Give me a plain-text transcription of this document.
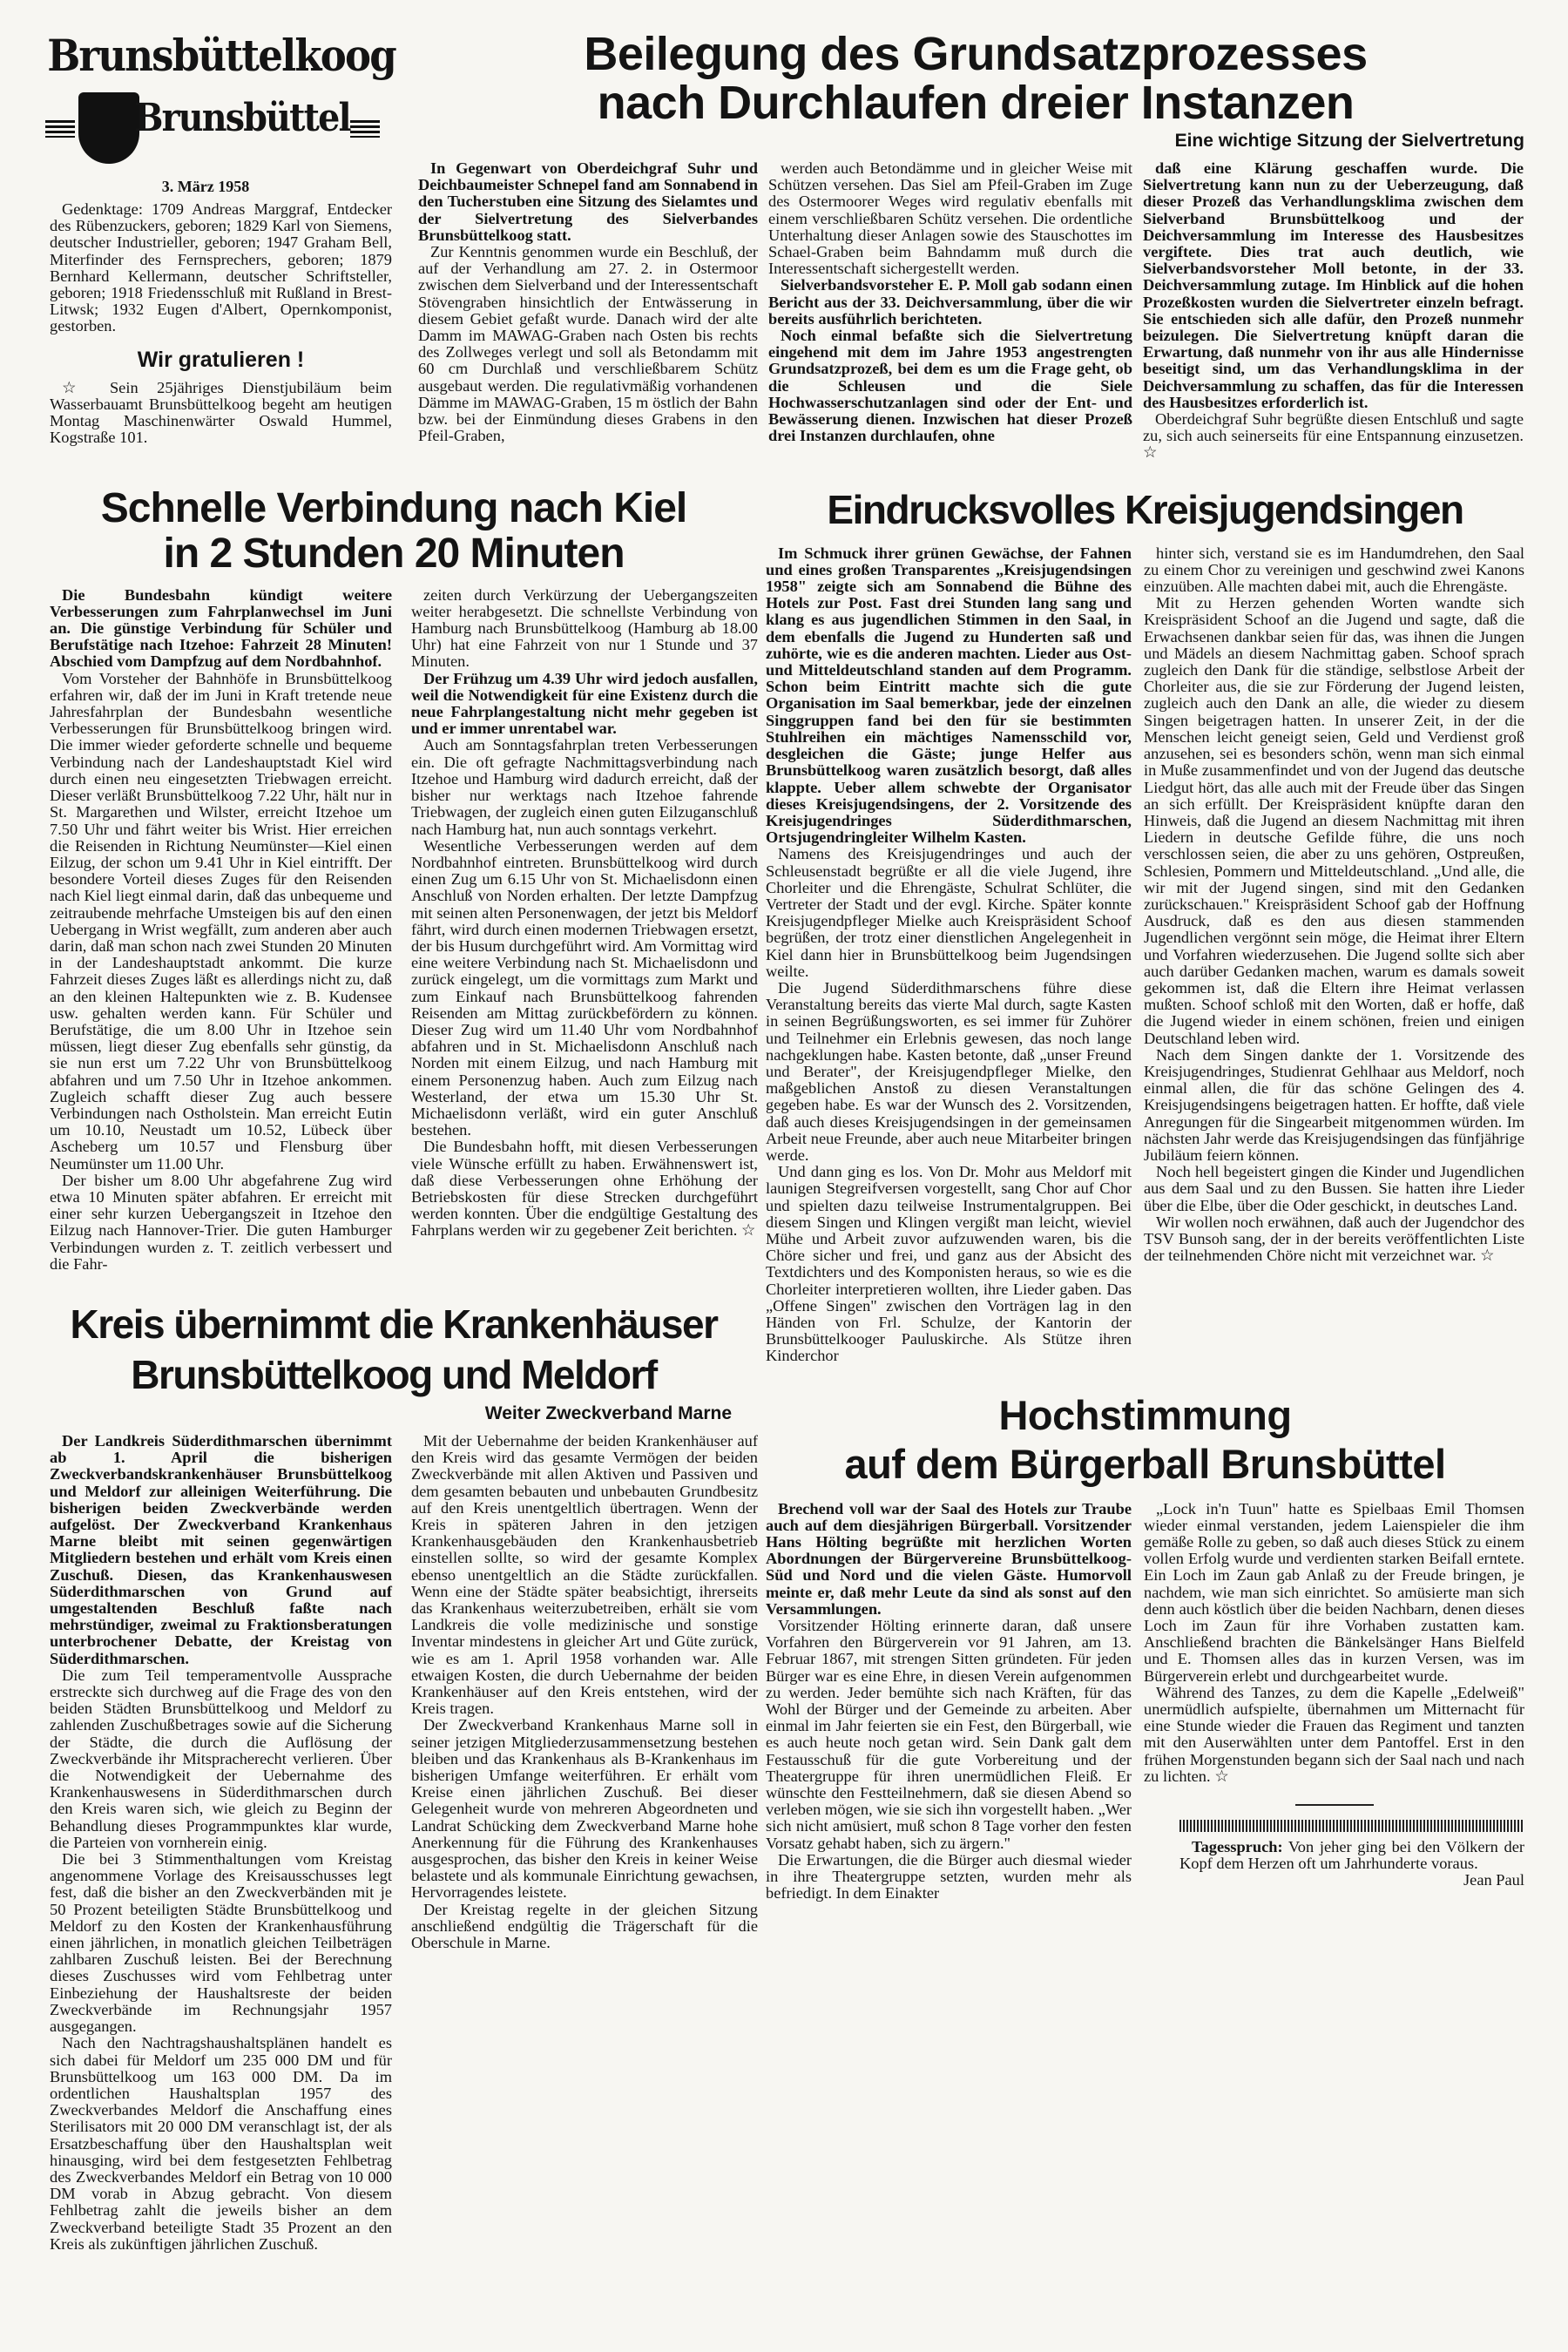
Brunsbüttelkoog
Brunsbüttel
3. März 1958

Gedenktage: 1709 Andreas Marggraf, Entdecker des Rübenzuckers, geboren; 1829 Karl von Siemens, deutscher Industrieller, geboren; 1947 Graham Bell, Miterfinder des Fernsprechers, geboren; 1879 Bernhard Kellermann, deutscher Schriftsteller, geboren; 1918 Friedensschluß mit Rußland in Brest-Litwsk; 1932 Eugen d'Albert, Opernkomponist, gestorben.

Wir gratulieren !

☆ Sein 25jähriges Dienstjubiläum beim Wasserbauamt Brunsbüttelkoog begeht am heutigen Montag Maschinenwärter Oswald Hummel, Kogstraße 101.

Beilegung des Grundsatzprozesses
nach Durchlaufen dreier Instanzen
Eine wichtige Sitzung der Sielvertretung

In Gegenwart von Oberdeichgraf Suhr und Deichbaumeister Schnepel fand am Sonnabend in den Tucherstuben eine Sitzung des Sielamtes und der Sielvertretung des Sielverbandes Brunsbüttelkoog statt.

Zur Kenntnis genommen wurde ein Beschluß, der auf der Verhandlung am 27. 2. in Ostermoor zwischen dem Sielverband und der Interessentschaft Stövengraben hinsichtlich der Entwässerung in diesem Gebiet gefaßt wurde. Danach wird der alte Damm im MAWAG-Graben nach Osten bis rechts des Zollweges verlegt und soll als Betondamm mit 60 cm Durchlaß und verschließbarem Schütz ausgebaut werden. Die regulativmäßig vorhandenen Dämme im MAWAG-Graben, 15 m östlich der Bahn bzw. bei der Einmündung dieses Grabens in den Pfeil-Graben,

werden auch Betondämme und in gleicher Weise mit Schützen versehen. Das Siel am Pfeil-Graben im Zuge des Ostermoorer Weges wird regulativ ebenfalls mit einem verschließbaren Schütz versehen. Die ordentliche Unterhaltung dieser Anlagen sowie des Stauschottes im Schael-Graben beim Bahndamm muß durch die Interessentschaft sichergestellt werden.

Sielverbandsvorsteher E. P. Moll gab sodann einen Bericht aus der 33. Deichversammlung, über die wir bereits ausführlich berichteten.

Noch einmal befaßte sich die Sielvertretung eingehend mit dem im Jahre 1953 angestrengten Grundsatzprozeß, bei dem es um die Frage geht, ob die Schleusen und die Siele Hochwasserschutzanlagen sind oder der Ent- und Bewässerung dienen. Inzwischen hat dieser Prozeß drei Instanzen durchlaufen, ohne

daß eine Klärung geschaffen wurde. Die Sielvertretung kann nun zu der Ueberzeugung, daß dieser Prozeß das Verhandlungsklima zwischen dem Sielverband Brunsbüttelkoog und der Deichversammlung im Interesse des Hausbesitzes vergiftete. Dies trat auch deutlich, wie Sielverbandsvorsteher Moll betonte, in der 33. Deichversammlung zutage. Im Hinblick auf die hohen Prozeßkosten wurden die Sielvertreter einzeln befragt. Sie entschieden sich alle dafür, den Prozeß nunmehr beizulegen. Die Sielvertretung knüpft daran die Erwartung, daß nunmehr von ihr aus alle Hindernisse beseitigt sind, um das Verhandlungsklima in der Deichversammlung zu schaffen, das für die Interessen des Hausbesitzes erforderlich ist.

Oberdeichgraf Suhr begrüßte diesen Entschluß und sagte zu, sich auch seinerseits für eine Entspannung einzusetzen. ☆

Schnelle Verbindung nach Kiel
in 2 Stunden 20 Minuten

Die Bundesbahn kündigt weitere Verbesserungen zum Fahrplanwechsel im Juni an. Die günstige Verbindung für Schüler und Berufstätige nach Itzehoe: Fahrzeit 28 Minuten! Abschied vom Dampfzug auf dem Nordbahnhof.

Vom Vorsteher der Bahnhöfe in Brunsbüttelkoog erfahren wir, daß der im Juni in Kraft tretende neue Jahresfahrplan der Bundesbahn wesentliche Verbesserungen für Brunsbüttelkoog bringen wird. Die immer wieder geforderte schnelle und bequeme Verbindung nach der Landeshauptstadt Kiel wird durch einen neu eingesetzten Triebwagen erreicht. Dieser verläßt Brunsbüttelkoog 7.22 Uhr, hält nur in St. Margarethen und Wilster, erreicht Itzehoe um 7.50 Uhr und fährt weiter bis Wrist. Hier erreichen die Reisenden in Richtung Neumünster—Kiel einen Eilzug, der schon um 9.41 Uhr in Kiel eintrifft. Der besondere Vorteil dieses Zuges für den Reisenden nach Kiel liegt einmal darin, daß das unbequeme und zeitraubende mehrfache Umsteigen bis auf den einen Uebergang in Wrist wegfällt, zum anderen aber auch darin, daß man schon nach zwei Stunden 20 Minuten in der Landeshauptstadt ankommt. Die kurze Fahrzeit dieses Zuges läßt es allerdings nicht zu, daß an den kleinen Haltepunkten wie z. B. Kudensee usw. gehalten werden kann. Für Schüler und Berufstätige, die um 8.00 Uhr in Itzehoe sein müssen, liegt dieser Zug ebenfalls sehr günstig, da sie nun erst um 7.22 Uhr von Brunsbüttelkoog abfahren und um 7.50 Uhr in Itzehoe ankommen. Zugleich schafft dieser Zug auch bessere Verbindungen nach Ostholstein. Man erreicht Eutin um 10.10, Neustadt um 10.52, Lübeck über Ascheberg um 10.57 und Flensburg über Neumünster um 11.00 Uhr.

Der bisher um 8.00 Uhr abgefahrene Zug wird etwa 10 Minuten später abfahren. Er erreicht mit einer sehr kurzen Uebergangszeit in Itzehoe den Eilzug nach Hannover-Trier. Die guten Hamburger Verbindungen wurden z. T. zeitlich verbessert und die Fahr-

zeiten durch Verkürzung der Uebergangszeiten weiter herabgesetzt. Die schnellste Verbindung von Hamburg nach Brunsbüttelkoog (Hamburg ab 18.00 Uhr) hat eine Fahrzeit von nur 1 Stunde und 37 Minuten.

Der Frühzug um 4.39 Uhr wird jedoch ausfallen, weil die Notwendigkeit für eine Existenz durch die neue Fahrplangestaltung nicht mehr gegeben ist und er immer unrentabel war.

Auch am Sonntagsfahrplan treten Verbesserungen ein. Die oft gefragte Nachmittagsverbindung nach Itzehoe und Hamburg wird dadurch erreicht, daß der bisher nur werktags nach Itzehoe fahrende Triebwagen, der zugleich einen guten Eilzuganschluß nach Hamburg hat, nun auch sonntags verkehrt.

Wesentliche Verbesserungen werden auf dem Nordbahnhof eintreten. Brunsbüttelkoog wird durch einen Zug um 6.15 Uhr von St. Michaelisdonn einen Anschluß von Norden erhalten. Der letzte Dampfzug mit seinen alten Personenwagen, der jetzt bis Meldorf fährt, wird durch einen modernen Triebwagen ersetzt, der bis Husum durchgeführt wird. Am Vormittag wird eine weitere Verbindung nach St. Michaelisdonn und zurück eingelegt, um die vormittags zum Markt und zum Einkauf nach Brunsbüttelkoog fahrenden Reisenden am Mittag zurückbefördern zu können. Dieser Zug wird um 11.40 Uhr vom Nordbahnhof abfahren und in St. Michaelisdonn Anschluß nach Norden mit einem Eilzug, und nach Hamburg mit einem Personenzug haben. Auch zum Eilzug nach Westerland, der etwa um 15.30 Uhr St. Michaelisdonn verläßt, wird ein guter Anschluß bestehen.

Die Bundesbahn hofft, mit diesen Verbesserungen viele Wünsche erfüllt zu haben. Erwähnenswert ist, daß diese Verbesserungen ohne Erhöhung der Betriebskosten für diese Strecken durchgeführt werden konnten. Über die endgültige Gestaltung des Fahrplans werden wir zu gegebener Zeit berichten. ☆

Kreis übernimmt die Krankenhäuser
Brunsbüttelkoog und Meldorf
Weiter Zweckverband Marne

Der Landkreis Süderdithmarschen übernimmt ab 1. April die bisherigen Zweckverbandskrankenhäuser Brunsbüttelkoog und Meldorf zur alleinigen Weiterführung. Die bisherigen beiden Zweckverbände werden aufgelöst. Der Zweckverband Krankenhaus Marne bleibt mit seinen gegenwärtigen Mitgliedern bestehen und erhält vom Kreis einen Zuschuß. Diesen, das Krankenhauswesen Süderdithmarschen von Grund auf umgestaltenden Beschluß faßte nach mehrstündiger, zweimal zu Fraktionsberatungen unterbrochener Debatte, der Kreistag von Süderdithmarschen.

Die zum Teil temperamentvolle Aussprache erstreckte sich durchweg auf die Frage des von den beiden Städten Brunsbüttelkoog und Meldorf zu zahlenden Zuschußbetrages sowie auf die Sicherung der Städte, die durch die Auflösung der Zweckverbände ihr Mitspracherecht verlieren. Über die Notwendigkeit der Uebernahme des Krankenhauswesens in Süderdithmarschen durch den Kreis waren sich, wie gleich zu Beginn der Behandlung dieses Programmpunktes klar wurde, die Parteien von vornherein einig.

Die bei 3 Stimmenthaltungen vom Kreistag angenommene Vorlage des Kreisausschusses legt fest, daß die bisher an den Zweckverbänden mit je 50 Prozent beteiligten Städte Brunsbüttelkoog und Meldorf zu den Kosten der Krankenhausführung einen jährlichen, in monatlich gleichen Teilbeträgen zahlbaren Zuschuß leisten. Bei der Berechnung dieses Zuschusses wird vom Fehlbetrag unter Einbeziehung der Haushaltsreste der beiden Zweckverbände im Rechnungsjahr 1957 ausgegangen.

Nach den Nachtragshaushaltsplänen handelt es sich dabei für Meldorf um 235 000 DM und für Brunsbüttelkoog um 163 000 DM. Da im ordentlichen Haushaltsplan 1957 des Zweckverbandes Meldorf die Anschaffung eines Sterilisators mit 20 000 DM veranschlagt ist, der als Ersatzbeschaffung über den Haushaltsplan weit hinausging, wird bei dem festgesetzten Fehlbetrag des Zweckverbandes Meldorf ein Betrag von 10 000 DM vorab in Abzug gebracht. Von diesem Fehlbetrag zahlt die jeweils bisher an dem Zweckverband beteiligte Stadt 35 Prozent an den Kreis als zukünftigen jährlichen Zuschuß.

Mit der Uebernahme der beiden Krankenhäuser auf den Kreis wird das gesamte Vermögen der beiden Zweckverbände mit allen Aktiven und Passiven und dem gesamten bebauten und unbebauten Grundbesitz auf den Kreis unentgeltlich übertragen. Wenn der Kreis in späteren Jahren in den jetzigen Krankenhausgebäuden den Krankenhausbetrieb einstellen sollte, so wird der gesamte Komplex ebenso unentgeltlich an die Städte zurückfallen. Wenn eine der Städte später beabsichtigt, ihrerseits das Krankenhaus weiterzubetreiben, erhält sie vom Landkreis die volle medizinische und sonstige Inventar mindestens in gleicher Art und Güte zurück, wie es am 1. April 1958 vorhanden war. Alle etwaigen Kosten, die durch Uebernahme der beiden Krankenhäuser auf den Kreis entstehen, wird der Kreis tragen.

Der Zweckverband Krankenhaus Marne soll in seiner jetzigen Mitgliederzusammensetzung bestehen bleiben und das Krankenhaus als B-Krankenhaus im bisherigen Umfange weiterführen. Er erhält vom Kreise einen jährlichen Zuschuß. Bei dieser Gelegenheit wurde von mehreren Abgeordneten und Landrat Schücking dem Zweckverband Marne hohe Anerkennung für die Führung des Krankenhauses ausgesprochen, das bisher den Kreis in keiner Weise belastete und als kommunale Einrichtung gewachsen, Hervorragendes leistete.

Der Kreistag regelte in der gleichen Sitzung anschließend endgültig die Trägerschaft für die Oberschule in Marne.

Eindrucksvolles Kreisjugendsingen

Im Schmuck ihrer grünen Gewächse, der Fahnen und eines großen Transparentes „Kreisjugendsingen 1958" zeigte sich am Sonnabend die Bühne des Hotels zur Post. Fast drei Stunden lang sang und klang es aus jugendlichen Stimmen in den Saal, in dem ebenfalls die Jugend zu Hunderten saß und zuhörte, wie es die anderen machten. Lieder aus Ost- und Mitteldeutschland standen auf dem Programm. Schon beim Eintritt machte sich die gute Organisation im Saal bemerkbar, jede der einzelnen Singgruppen fand bei den für sie bestimmten Stuhlreihen ein mächtiges Namensschild vor, desgleichen die Gäste; junge Helfer aus Brunsbüttelkoog waren zusätzlich besorgt, daß alles klappte. Ueber allem schwebte der Organisator dieses Kreisjugendsingens, der 2. Vorsitzende des Kreisjugendringes Süderdithmarschen, Ortsjugendringleiter Wilhelm Kasten.

Namens des Kreisjugendringes und auch der Schleusenstadt begrüßte er all die viele Jugend, ihre Chorleiter und die Ehrengäste, Schulrat Schlüter, die Vertreter der Stadt und der evgl. Kirche. Später konnte Kreisjugendpfleger Mielke auch Kreispräsident Schoof begrüßen, der trotz einer dienstlichen Angelegenheit in Kiel dann hier in Brunsbüttelkoog beim Jugendsingen weilte.

Die Jugend Süderdithmarschens führe diese Veranstaltung bereits das vierte Mal durch, sagte Kasten in seinen Begrüßungsworten, es sei immer für Zuhörer und Teilnehmer ein Erlebnis gewesen, das noch lange nachgeklungen habe. Kasten betonte, daß „unser Freund und Berater", der Kreisjugendpfleger Mielke, den maßgeblichen Anstoß zu diesen Veranstaltungen gegeben habe. Es war der Wunsch des 2. Vorsitzenden, daß auch dieses Kreisjugendsingen in der gemeinsamen Arbeit neue Freunde, aber auch neue Mitarbeiter bringen werde.

Und dann ging es los. Von Dr. Mohr aus Meldorf mit launigen Stegreifversen vorgestellt, sang Chor auf Chor und spielten dazu teilweise Instrumentalgruppen. Bei diesem Singen und Klingen vergißt man leicht, wieviel Mühe und Arbeit zuvor aufzuwenden waren, bis die Chöre sicher und frei, und ganz aus der Absicht des Textdichters und des Komponisten heraus, so wie es die Chorleiter interpretieren wollten, ihre Lieder gaben. Das „Offene Singen" zwischen den Vorträgen lag in den Händen von Frl. Schulze, der Kantorin der Brunsbüttelkooger Pauluskirche. Als Stütze ihren Kinderchor

hinter sich, verstand sie es im Handumdrehen, den Saal zu einem Chor zu vereinigen und geschwind zwei Kanons einzuüben. Alle machten dabei mit, auch die Ehrengäste.

Mit zu Herzen gehenden Worten wandte sich Kreispräsident Schoof an die Jugend und sagte, daß die Erwachsenen dankbar seien für das, was ihnen die Jungen und Mädels an diesem Nachmittag gaben. Schoof sprach zugleich den Dank für die ständige, selbstlose Arbeit der Chorleiter aus, die sie zur Förderung der Jugend leisten, zugleich auch den Dank an alle, die wieder zu diesem Singen beigetragen hatten. In unserer Zeit, in der die Menschen leicht geneigt seien, Geld und Verdienst groß anzusehen, sei es besonders schön, wenn man sich einmal in Muße zusammenfindet und von der Jugend das deutsche Liedgut hört, das alle auch mit der Freude über das Singen an sich erfüllt. Der Kreispräsident knüpfte daran den Hinweis, daß die Jugend an diesem Nachmittag mit ihren Liedern in deutsche Gefilde führe, die uns noch verschlossen seien, die aber zu uns gehören, Ostpreußen, Schlesien, Pommern und Mitteldeutschland. „Und alle, die wir mit der Jugend singen, sind mit den Gedanken zurückschauen." Kreispräsident Schoof gab der Hoffnung Ausdruck, daß es den aus diesen stammenden Jugendlichen vergönnt sein möge, die Heimat ihrer Eltern und Vorfahren wiederzusehen. Die Jugend sollte sich aber auch darüber Gedanken machen, warum es damals soweit gekommen ist, daß die Eltern ihre Heimat verlassen mußten. Schoof schloß mit den Worten, daß er hoffe, daß die Jugend wieder in einem schönen, freien und einigen Deutschland leben wird.

Nach dem Singen dankte der 1. Vorsitzende des Kreisjugendringes, Studienrat Gehlhaar aus Meldorf, noch einmal allen, die für das schöne Gelingen des 4. Kreisjugendsingens beigetragen hatten. Er hoffte, daß viele Anregungen für die Singearbeit mitgenommen würden. Im nächsten Jahr werde das Kreisjugendsingen das fünfjährige Jubiläum feiern können.

Noch hell begeistert gingen die Kinder und Jugendlichen aus dem Saal und zu den Bussen. Sie hatten ihre Lieder über die Elbe, über die Oder geschickt, in deutsches Land.

Wir wollen noch erwähnen, daß auch der Jugendchor des TSV Bunsoh sang, der in der bereits veröffentlichten Liste der teilnehmenden Chöre nicht mit verzeichnet war. ☆

Hochstimmung
auf dem Bürgerball Brunsbüttel

Brechend voll war der Saal des Hotels zur Traube auch auf dem diesjährigen Bürgerball. Vorsitzender Hans Hölting begrüßte mit herzlichen Worten Abordnungen der Bürgervereine Brunsbüttelkoog-Süd und Nord und die vielen Gäste. Humorvoll meinte er, daß mehr Leute da sind als sonst auf den Versammlungen.

Vorsitzender Hölting erinnerte daran, daß unsere Vorfahren den Bürgerverein vor 91 Jahren, am 13. Februar 1867, mit strengen Sitten gründeten. Für jeden Bürger war es eine Ehre, in diesen Verein aufgenommen zu werden. Jeder bemühte sich nach Kräften, für das Wohl der Bürger und der Gemeinde zu arbeiten. Aber einmal im Jahr feierten sie ein Fest, den Bürgerball, wie es auch heute noch getan wird. Sein Dank galt dem Festausschuß für die gute Vorbereitung und der Theatergruppe für ihren unermüdlichen Fleiß. Er wünschte den Festteilnehmern, daß sie diesen Abend so verleben mögen, wie sie sich ihn vorgestellt haben. „Wer sich nicht amüsiert, muß schon 8 Tage vorher den festen Vorsatz gehabt haben, sich zu ärgern."

Die Erwartungen, die die Bürger auch diesmal wieder in ihre Theatergruppe setzten, wurden mehr als befriedigt. In dem Einakter

„Lock in'n Tuun" hatte es Spielbaas Emil Thomsen wieder einmal verstanden, jedem Laienspieler die ihm gemäße Rolle zu geben, so daß auch dieses Stück zu einem vollen Erfolg wurde und verdienten starken Beifall erntete. Ein Loch im Zaun gab Anlaß zu der Freude bringen, je nachdem, wie man sich einrichtet. So amüsierte man sich denn auch köstlich über die beiden Nachbarn, denen dieses Loch im Zaun für ihre Vorhaben zustatten kam. Anschließend brachten die Bänkelsänger Hans Bielfeld und E. Thomsen alles das in kurzen Versen, was im Bürgerverein erlebt und durchgearbeitet wurde.

Während des Tanzes, zu dem die Kapelle „Edelweiß" unermüdlich aufspielte, übernahmen um Mitternacht für eine Stunde wieder die Frauen das Regiment und tanzten mit den Auserwählten unter dem Pantoffel. Erst in den frühen Morgenstunden begann sich der Saal nach und nach zu lichten. ☆

Tagesspruch: Von jeher ging bei den Völkern der Kopf dem Herzen oft um Jahrhunderte voraus.

Jean Paul
